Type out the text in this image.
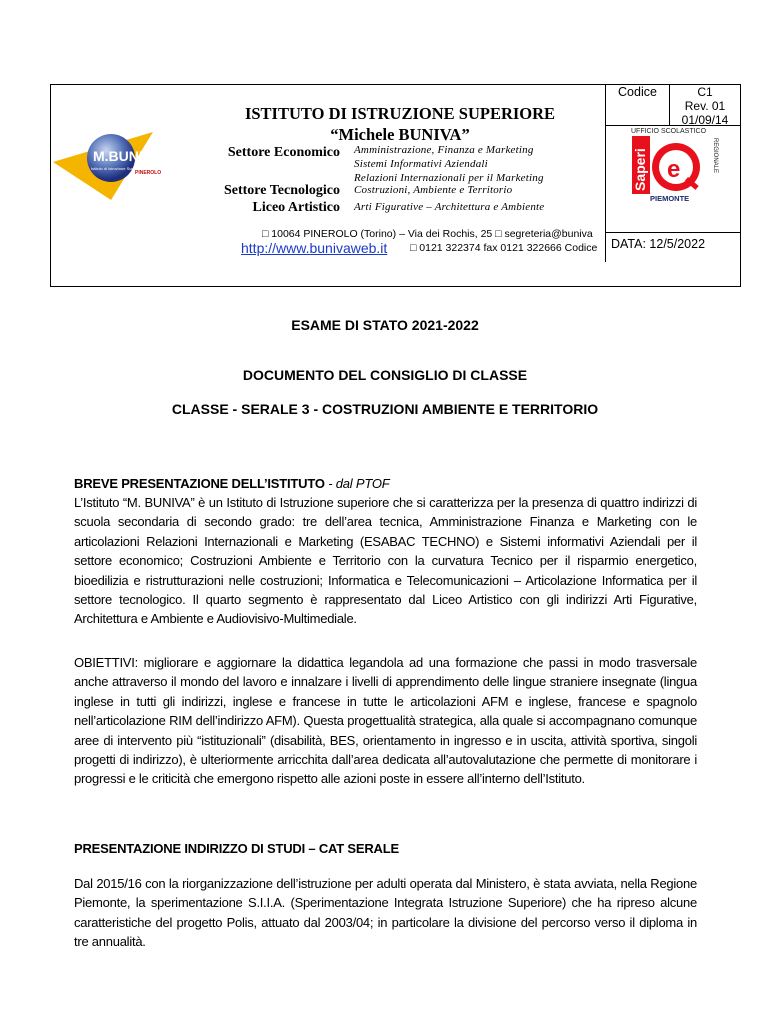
M.BUNIVA
Istituto di Istruzione Superiore
PINEROLO
ISTITUTO DI ISTRUZIONE SUPERIORE
“Michele BUNIVA”
Settore Economico Amministrazione, Finanza e Marketing
Sistemi Informativi Aziendali
Relazioni Internazionali per il Marketing
Settore Tecnologico Costruzioni, Ambiente e Territorio
Liceo Artistico Arti Figurative – Architettura e Ambiente
□ 10064 PINEROLO (Torino) – Via dei Rochis, 25 □ segreteria@buniva
http://www.bunivaweb.it □ 0121 322374 fax 0121 322666 Codice
Codice	C1
Rev. 01
01/09/14
DATA: 12/5/2022
UFFICIO SCOLASTICO
Saperi e	REGIONALE
PIEMONTE
ESAME DI STATO 2021-2022
DOCUMENTO DEL CONSIGLIO DI CLASSE
CLASSE - SERALE 3 - COSTRUZIONI AMBIENTE E TERRITORIO
BREVE PRESENTAZIONE DELL’ISTITUTO - dal PTOF
L’Istituto “M. BUNIVA” è un Istituto di Istruzione superiore che si caratterizza per la presenza di quattro indirizzi di scuola secondaria di secondo grado: tre dell’area tecnica, Amministrazione Finanza e Marketing con le articolazioni Relazioni Internazionali e Marketing (ESABAC TECHNO) e Sistemi informativi Aziendali per il settore economico; Costruzioni Ambiente e Territorio con la curvatura Tecnico per il risparmio energetico, bioedilizia e ristrutturazioni nelle costruzioni; Informatica e Telecomunicazioni – Articolazione Informatica per il settore tecnologico. Il quarto segmento è rappresentato dal Liceo Artistico con gli indirizzi Arti Figurative, Architettura e Ambiente e Audiovisivo-Multimediale.
OBIETTIVI: migliorare e aggiornare la didattica legandola ad una formazione che passi in modo trasversale anche attraverso il mondo del lavoro e innalzare i livelli di apprendimento delle lingue straniere insegnate (lingua inglese in tutti gli indirizzi, inglese e francese in tutte le articolazioni AFM e inglese, francese e spagnolo nell’articolazione RIM dell’indirizzo AFM). Questa progettualità strategica, alla quale si accompagnano comunque aree di intervento più “istituzionali” (disabilità, BES, orientamento in ingresso e in uscita, attività sportiva, singoli progetti di indirizzo), è ulteriormente arricchita dall’area dedicata all’autovalutazione che permette di monitorare i progressi e le criticità che emergono rispetto alle azioni poste in essere all’interno dell’Istituto.
PRESENTAZIONE INDIRIZZO DI STUDI – CAT SERALE
Dal 2015/16 con la riorganizzazione dell’istruzione per adulti operata dal Ministero, è stata avviata, nella Regione Piemonte, la sperimentazione S.I.I.A. (Sperimentazione Integrata Istruzione Superiore) che ha ripreso alcune caratteristiche del progetto Polis, attuato dal 2003/04; in particolare la divisione del percorso verso il diploma in tre annualità.
